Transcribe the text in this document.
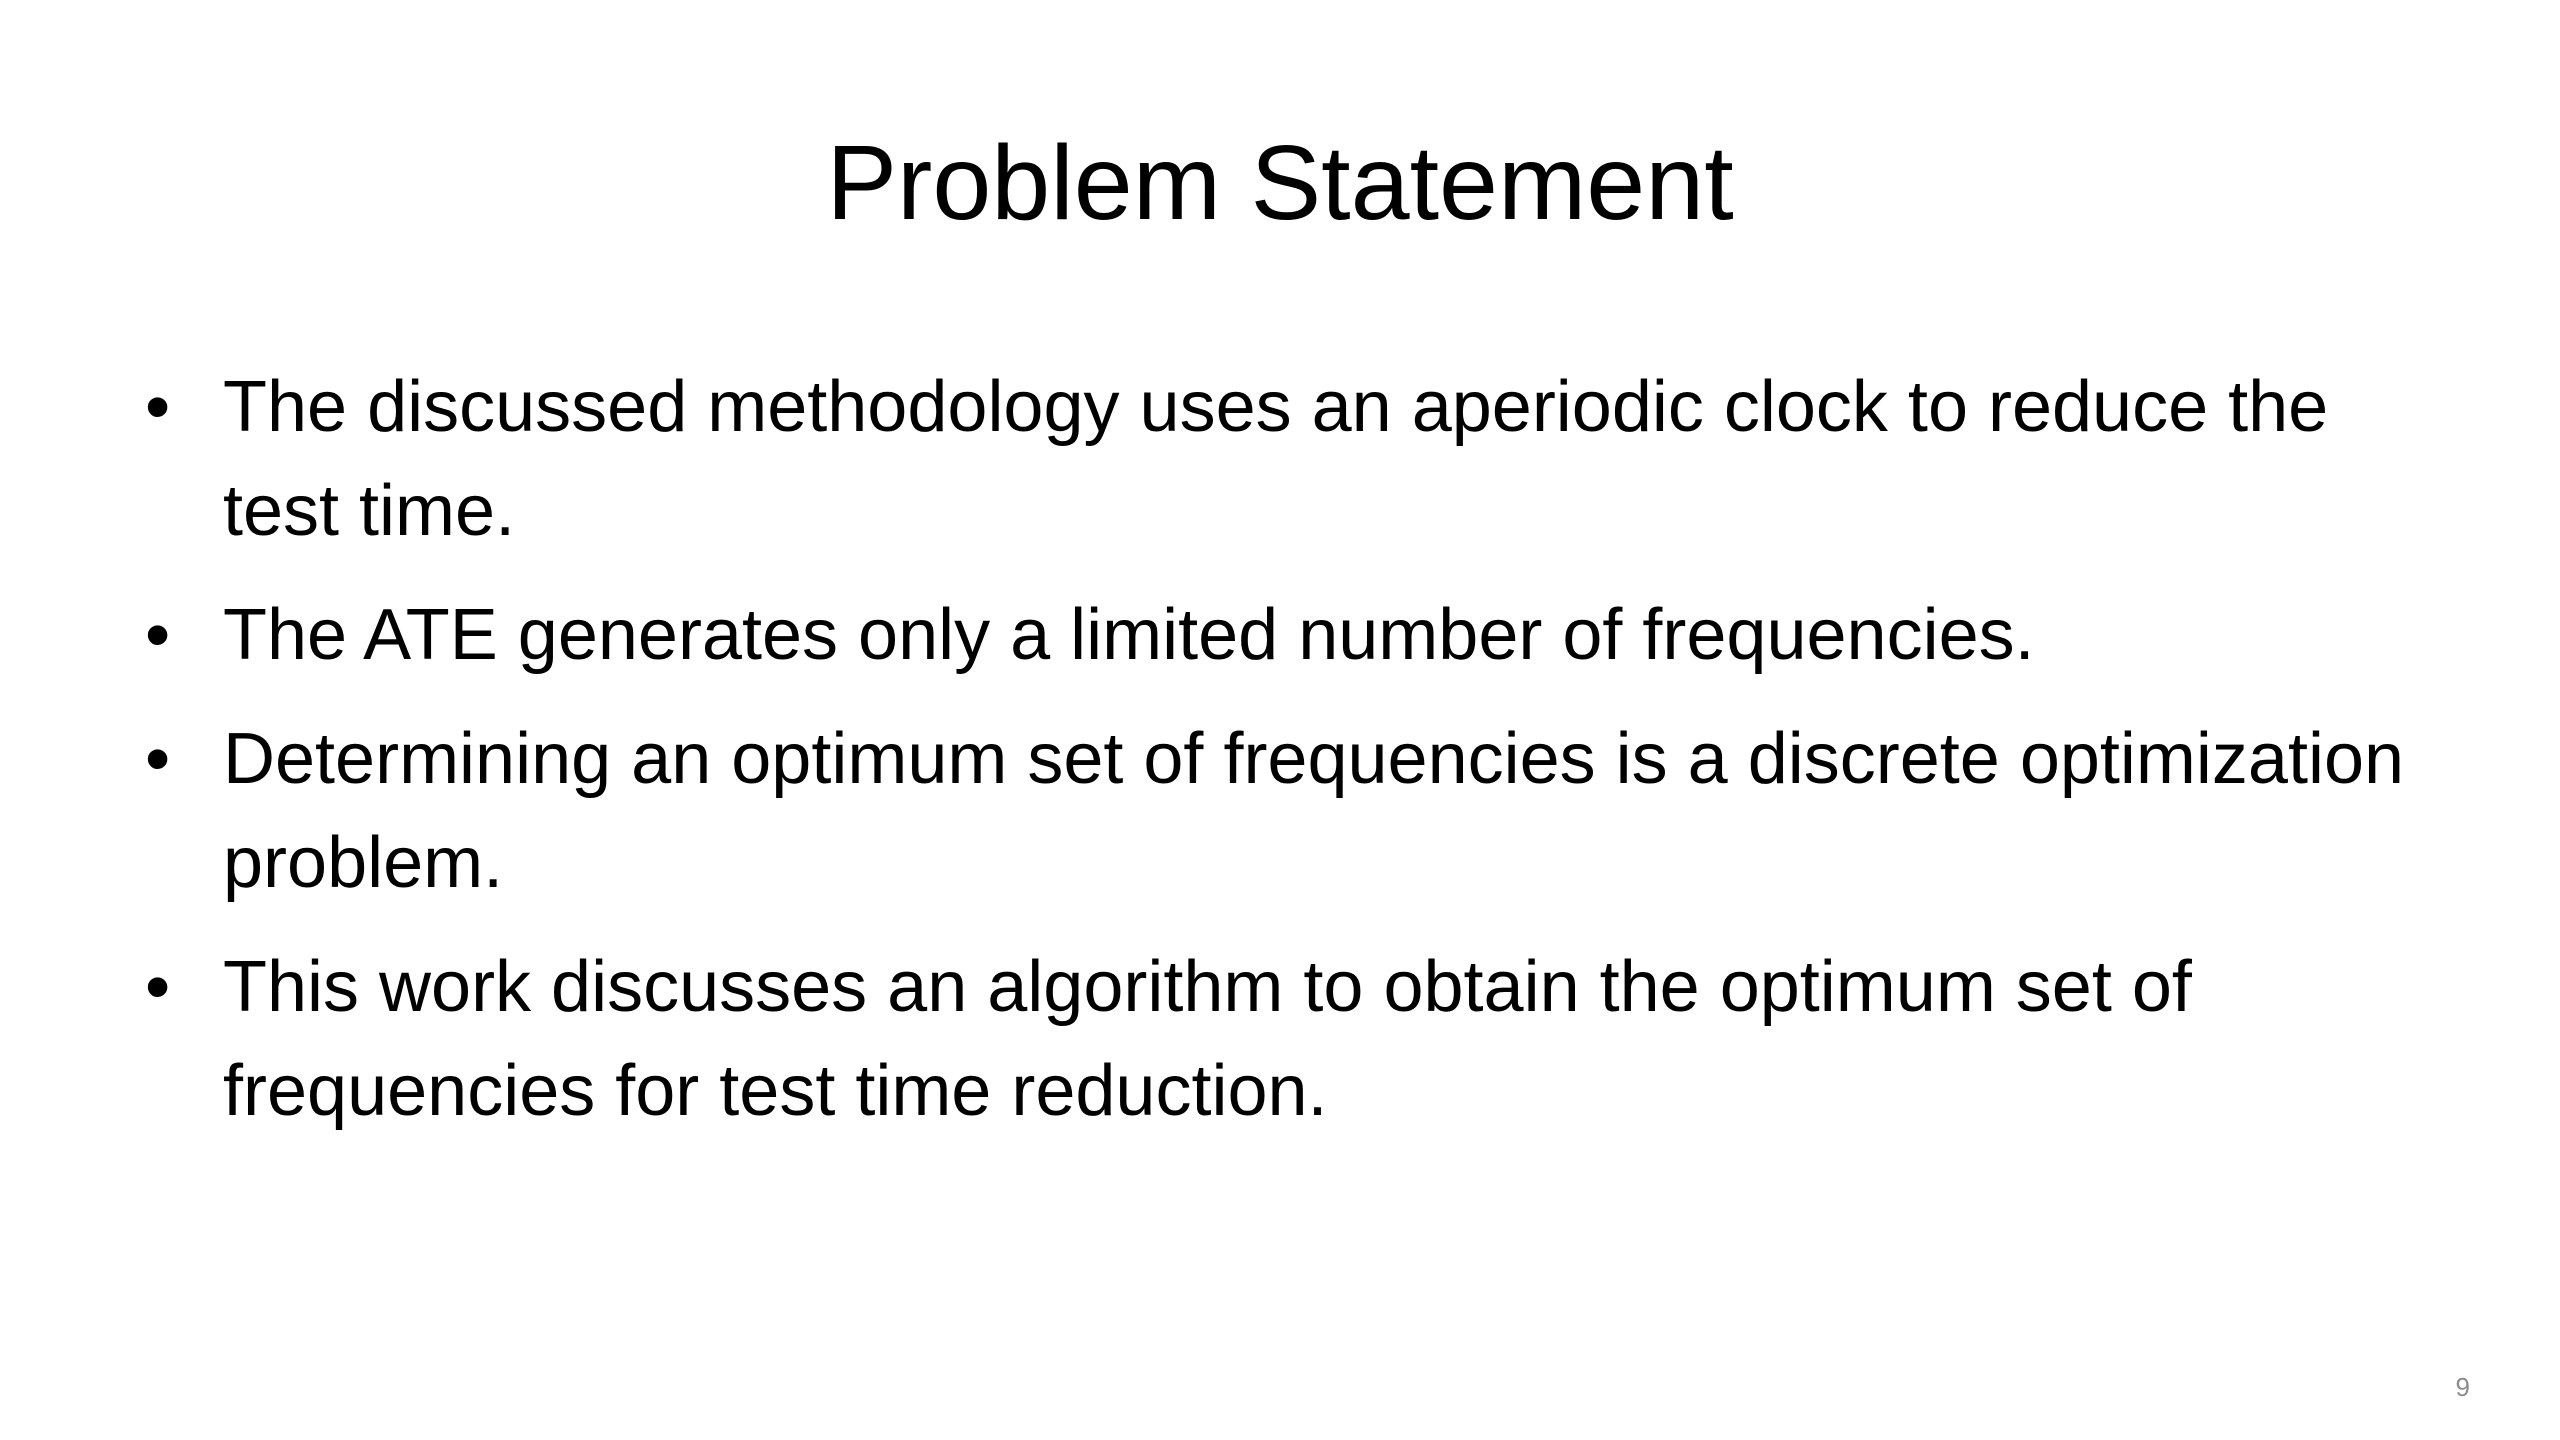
Problem Statement
• The discussed methodology uses an aperiodic clock to reduce the test time.
• The ATE generates only a limited number of frequencies.
• Determining an optimum set of frequencies is a discrete optimization problem.
• This work discusses an algorithm to obtain the optimum set of frequencies for test time reduction.
9
